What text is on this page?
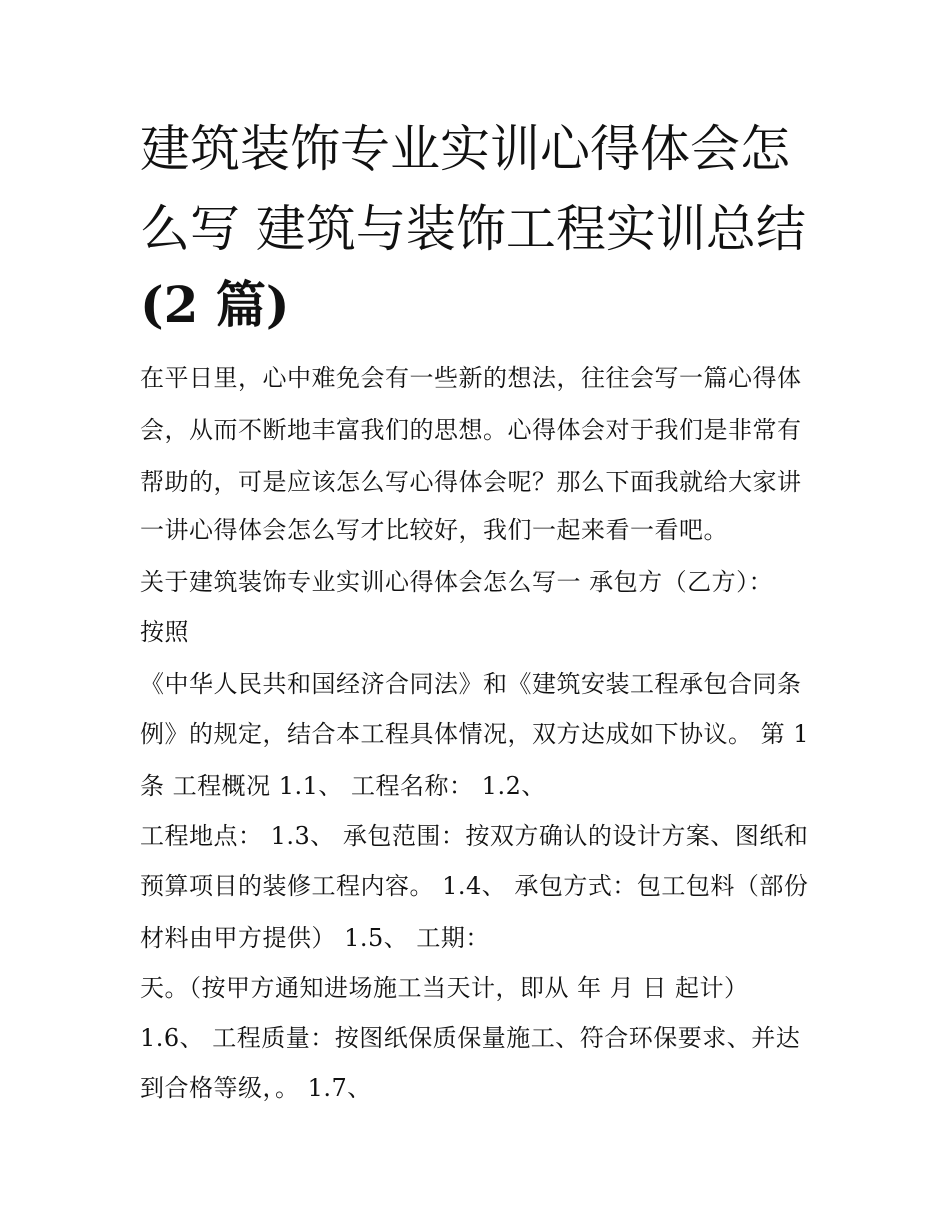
建筑装饰专业实训心得体会怎
么写 建筑与装饰工程实训总结
(2 篇)
在平日里，心中难免会有一些新的想法，往往会写一篇心得体
会，从而不断地丰富我们的思想。心得体会对于我们是非常有
帮助的，可是应该怎么写心得体会呢？那么下面我就给大家讲
一讲心得体会怎么写才比较好，我们一起来看一看吧。
关于建筑装饰专业实训心得体会怎么写一 承包方（乙方）：
按照
《中华人民共和国经济合同法》和《建筑安装工程承包合同条
例》的规定，结合本工程具体情况，双方达成如下协议。 第 1
条 工程概况 1.1、 工程名称： 1.2、
工程地点： 1.3、 承包范围：按双方确认的设计方案、图纸和
预算项目的装修工程内容。 1.4、 承包方式：包工包料（部份
材料由甲方提供） 1.5、 工期：
天。（按甲方通知进场施工当天计，即从 年 月 日 起计）
1.6、 工程质量：按图纸保质保量施工、符合环保要求、并达
到合格等级，。 1.7、
